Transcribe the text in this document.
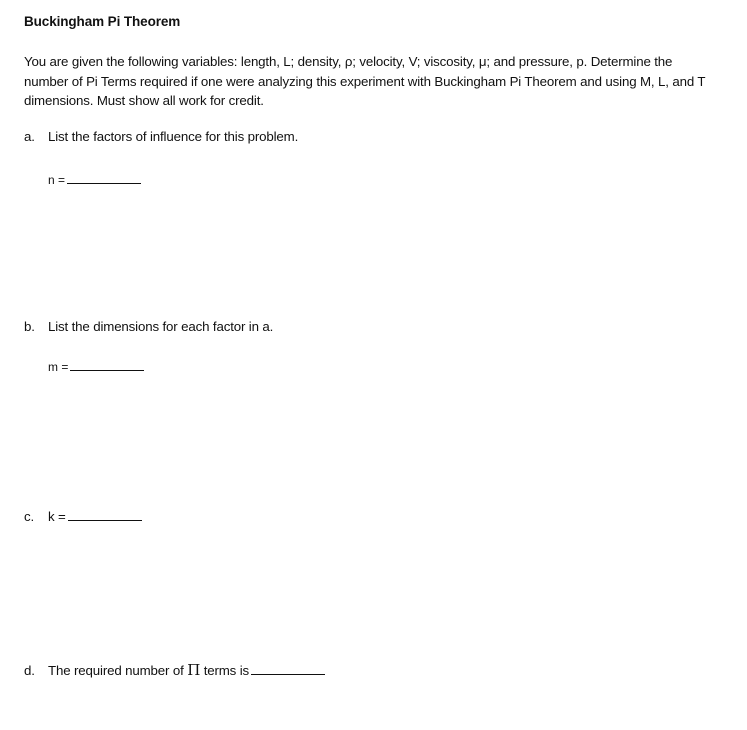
Buckingham Pi Theorem
You are given the following variables: length, L; density, ρ; velocity, V; viscosity, μ; and pressure, p. Determine the number of Pi Terms required if one were analyzing this experiment with Buckingham Pi Theorem and using M, L, and T dimensions. Must show all work for credit.
a. List the factors of influence for this problem.
n =
b. List the dimensions for each factor in a.
m =
c. k =
d. The required number of Π terms is
